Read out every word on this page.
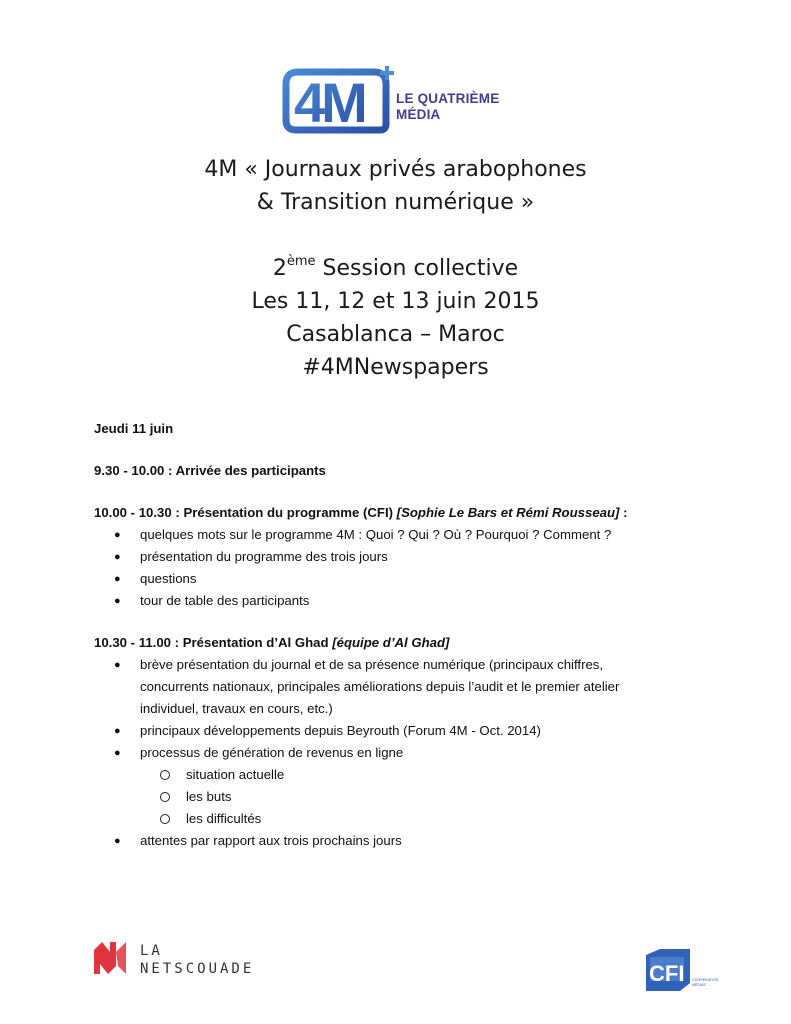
4M LE QUATRIÈME
MÉDIA
4M « Journaux privés arabophones
& Transition numérique »
2ème Session collective
Les 11, 12 et 13 juin 2015
Casablanca – Maroc
#4MNewspapers

Jeudi 11 juin

9.30 - 10.00 : Arrivée des participants

10.00 - 10.30 : Présentation du programme (CFI) [Sophie Le Bars et Rémi Rousseau] :

● quelques mots sur le programme 4M : Quoi ? Qui ? Où ? Pourquoi ? Comment ?
● présentation du programme des trois jours
● questions
● tour de table des participants

10.30 - 11.00 : Présentation d’Al Ghad [équipe d’Al Ghad]

● brève présentation du journal et de sa présence numérique (principaux chiffres,
concurrents nationaux, principales améliorations depuis l’audit et le premier atelier
individuel, travaux en cours, etc.)
● principaux développements depuis Beyrouth (Forum 4M - Oct. 2014)
● processus de génération de revenus en ligne
situation actuelle
les buts
les difficultés
● attentes par rapport aux trois prochains jours
LA
NETSCOUADE	CFI COOPÉRATION
MÉDIAS
